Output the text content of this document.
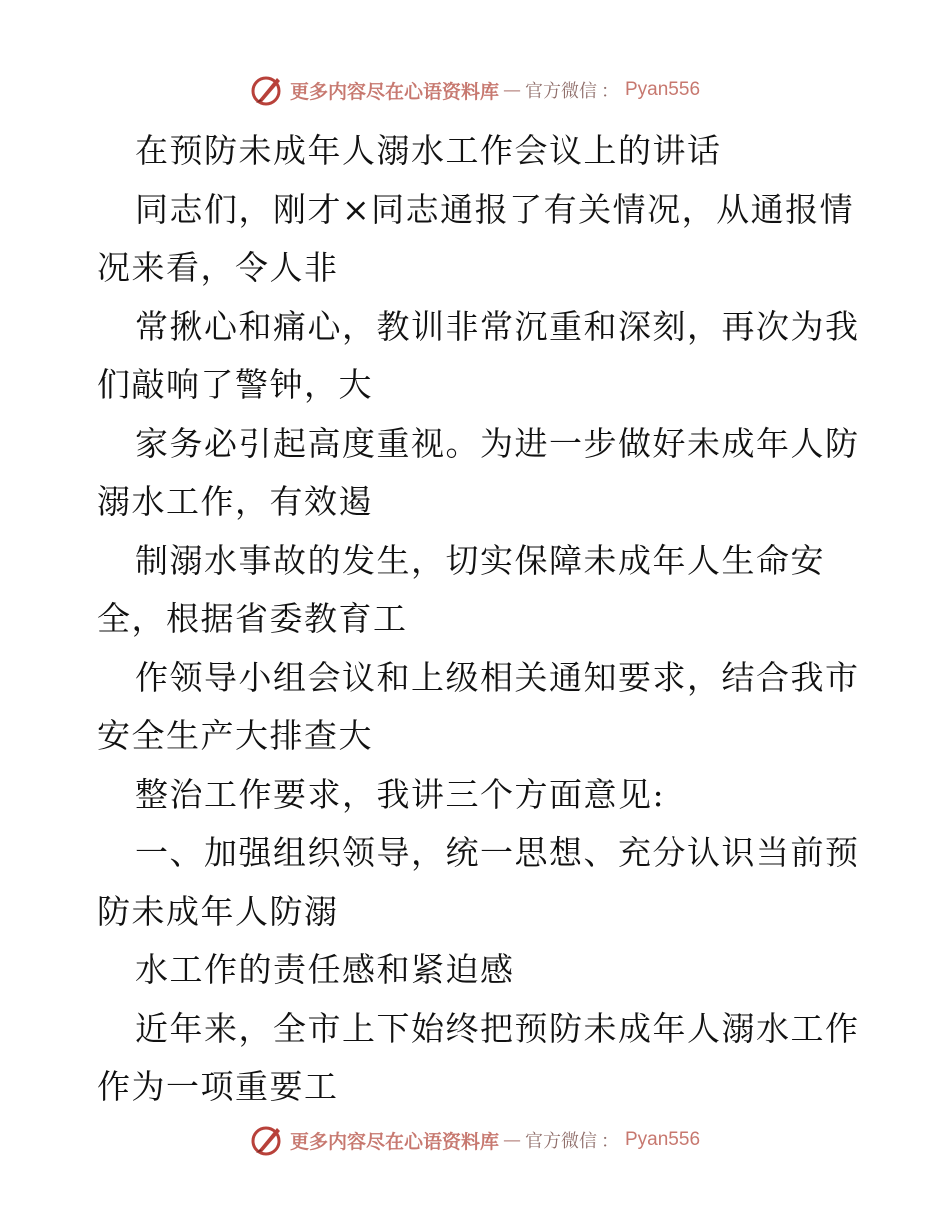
更多内容尽在心语资料库 — 官方微信 ： Pyan556
在预防未成年人溺水工作会议上的讲话
同志们，刚才×同志通报了有关情况，从通报情
况来看，令人非
常揪心和痛心，教训非常沉重和深刻，再次为我
们敲响了警钟，大
家务必引起高度重视。为进一步做好未成年人防
溺水工作，有效遏
制溺水事故的发生，切实保障未成年人生命安
全，根据省委教育工
作领导小组会议和上级相关通知要求，结合我市
安全生产大排查大
整治工作要求，我讲三个方面意见:
一、加强组织领导，统一思想、充分认识当前预
防未成年人防溺
水工作的责任感和紧迫感
近年来，全市上下始终把预防未成年人溺水工作
作为一项重要工
更多内容尽在心语资料库 — 官方微信 ： Pyan556
